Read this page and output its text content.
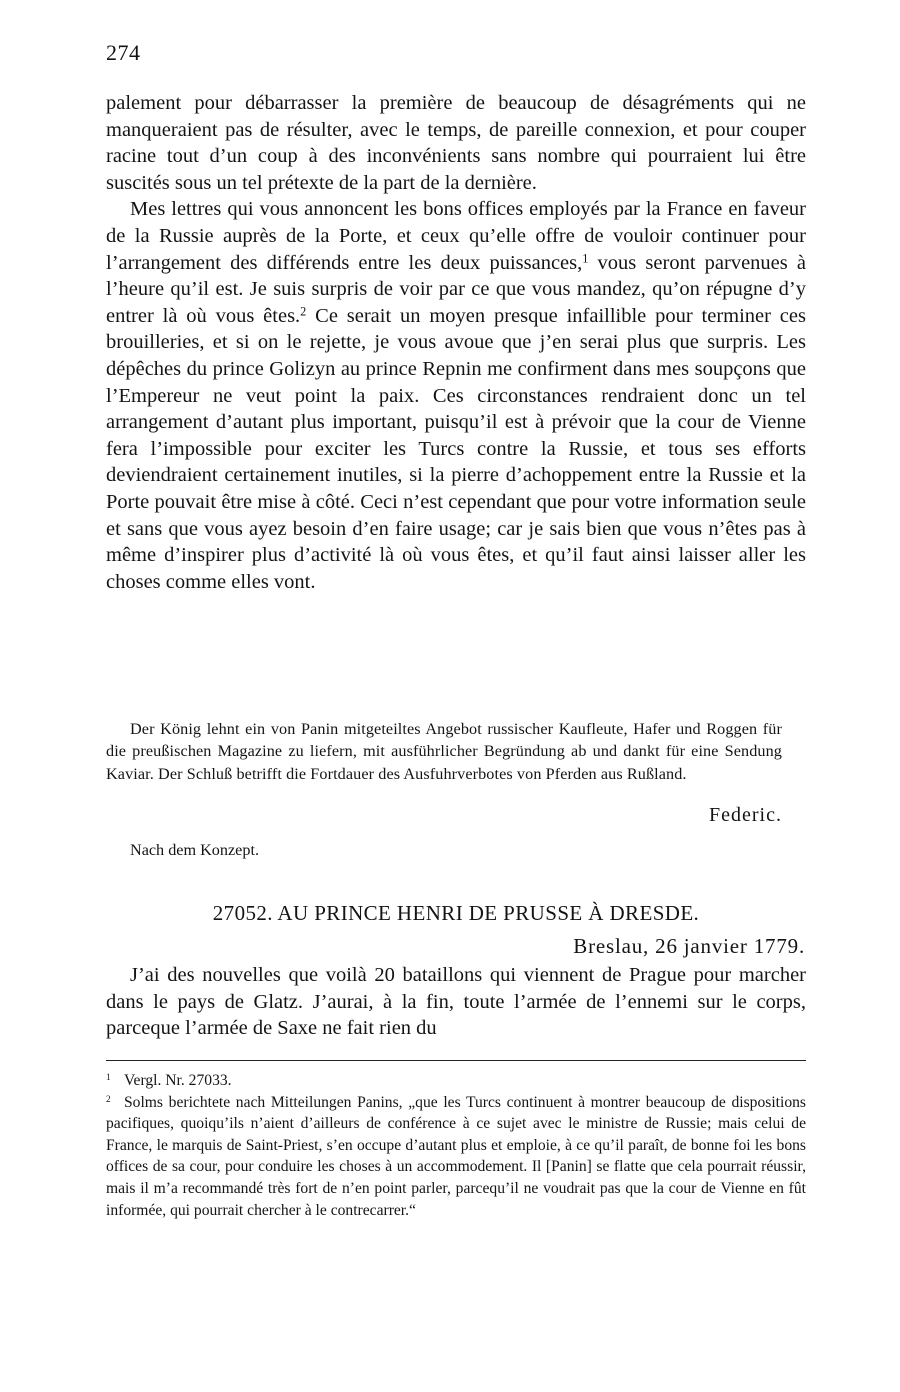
274

palement pour débarrasser la première de beaucoup de désagréments qui ne manqueraient pas de résulter, avec le temps, de pareille connexion, et pour couper racine tout d’un coup à des inconvénients sans nombre qui pourraient lui être suscités sous un tel prétexte de la part de la dernière.

Mes lettres qui vous annoncent les bons offices employés par la France en faveur de la Russie auprès de la Porte, et ceux qu’elle offre de vouloir continuer pour l’arrangement des différends entre les deux puissances,$^1$ vous seront parvenues à l’heure qu’il est. Je suis surpris de voir par ce que vous mandez, qu’on répugne d’y entrer là où vous êtes.$^2$ Ce serait un moyen presque infaillible pour terminer ces brouilleries, et si on le rejette, je vous avoue que j’en serai plus que surpris. Les dépêches du prince Golizyn au prince Repnin me confirment dans mes soupçons que l’Empereur ne veut point la paix. Ces circonstances rendraient donc un tel arrangement d’autant plus important, puisqu’il est à prévoir que la cour de Vienne fera l’impossible pour exciter les Turcs contre la Russie, et tous ses efforts deviendraient certainement inutiles, si la pierre d’achoppement entre la Russie et la Porte pouvait être mise à côté. Ceci n’est cependant que pour votre information seule et sans que vous ayez besoin d’en faire usage; car je sais bien que vous n’êtes pas à même d’inspirer plus d’activité là où vous êtes, et qu’il faut ainsi laisser aller les choses comme elles vont.

Der König lehnt ein von Panin mitgeteiltes Angebot russischer Kaufleute, Hafer und Roggen für die preußischen Magazine zu liefern, mit ausführlicher Begründung ab und dankt für eine Sendung Kaviar. Der Schluß betrifft die Fortdauer des Ausfuhrverbotes von Pferden aus Rußland.
Federic.
Nach dem Konzept.
27052. AU PRINCE HENRI DE PRUSSE À DRESDE.
Breslau, 26 janvier 1779.

J’ai des nouvelles que voilà 20 bataillons qui viennent de Prague pour marcher dans le pays de Glatz. J’aurai, à la fin, toute l’armée de l’ennemi sur le corps, parceque l’armée de Saxe ne fait rien du

$^1$ Vergl. Nr. 27033.

$^2$ Solms berichtete nach Mitteilungen Panins, „que les Turcs continuent à montrer beaucoup de dispositions pacifiques, quoiqu’ils n’aient d’ailleurs de conférence à ce sujet avec le ministre de Russie; mais celui de France, le marquis de Saint-Priest, s’en occupe d’autant plus et emploie, à ce qu’il paraît, de bonne foi les bons offices de sa cour, pour conduire les choses à un accommodement. Il [Panin] se flatte que cela pourrait réussir, mais il m’a recommandé très fort de n’en point parler, parcequ’il ne voudrait pas que la cour de Vienne en fût informée, qui pourrait chercher à le contrecarrer.“
